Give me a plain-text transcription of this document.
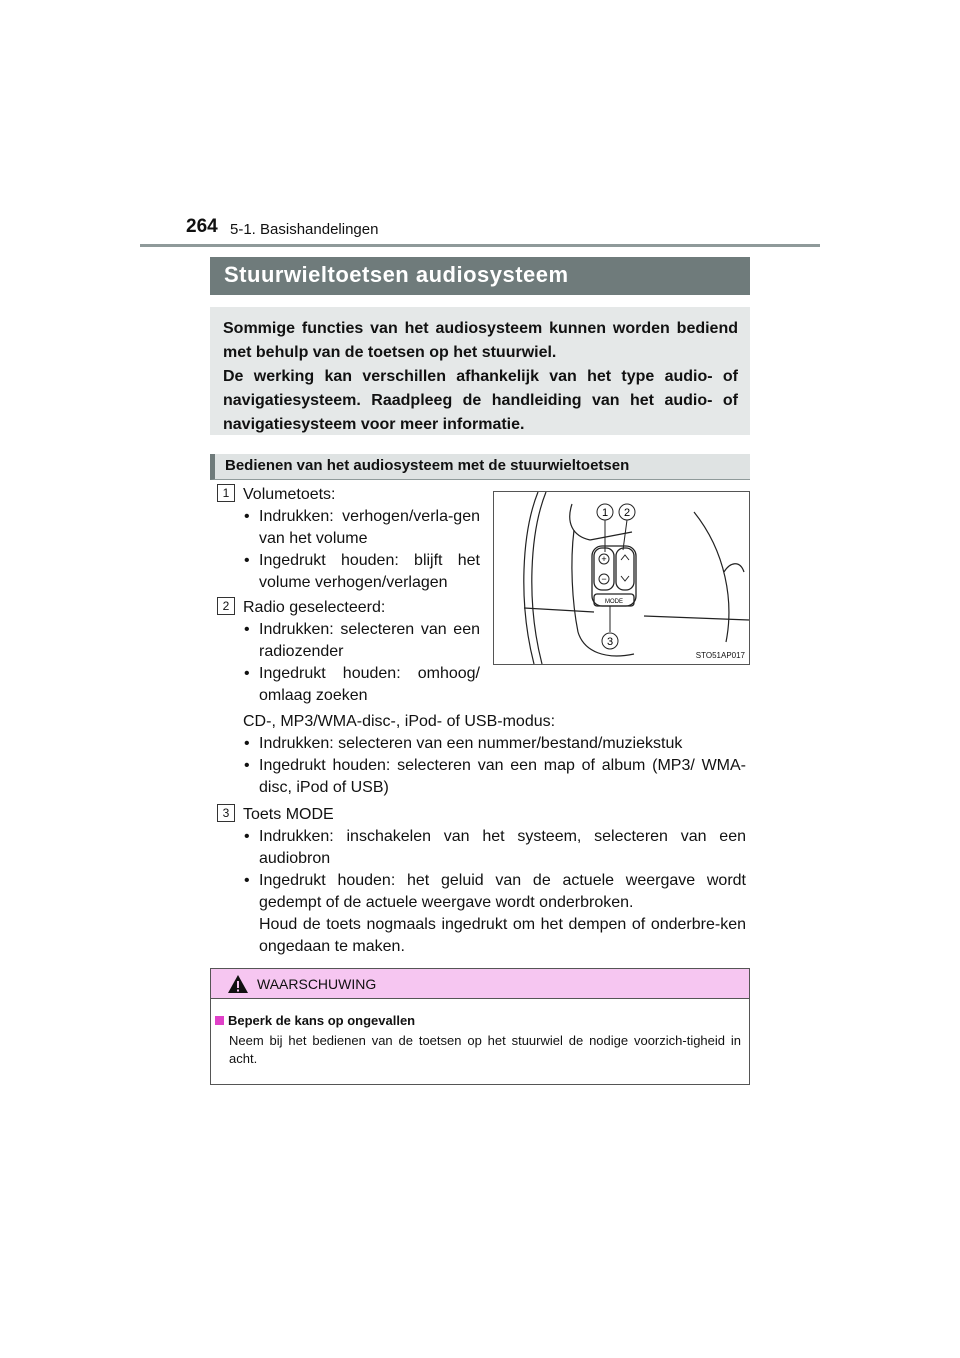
264 5-1. Basishandelingen
Stuurwieltoetsen audiosysteem

Sommige functies van het audiosysteem kunnen worden bediend met behulp van de toetsen op het stuurwiel.

De werking kan verschillen afhankelijk van het type audio- of navigatiesysteem. Raadpleeg de handleiding van het audio- of navigatiesysteem voor meer informatie.

Bedienen van het audiosysteem met de stuurwieltoetsen
1 Volumetoets:
• Indrukken: verhogen/verla-gen van het volume
• Ingedrukt houden: blijft het volume verhogen/verlagen
2 Radio geselecteerd:
• Indrukken: selecteren van een radiozender
• Ingedrukt houden: omhoog/ omlaag zoeken
CD-, MP3/WMA-disc-, iPod- of USB-modus:
• Indrukken: selecteren van een nummer/bestand/muziekstuk
• Ingedrukt houden: selecteren van een map of album (MP3/ WMA-disc, iPod of USB)
3 Toets MODE
• Indrukken: inschakelen van het systeem, selecteren van een audiobron
• Ingedrukt houden: het geluid van de actuele weergave wordt gedempt of de actuele weergave wordt onderbroken.
Houd de toets nogmaals ingedrukt om het dempen of onderbre-ken ongedaan te maken.
+
−
MODE
1 2
3
STO51AP017
WAARSCHUWING
Beperk de kans op ongevallen
Neem bij het bedienen van de toetsen op het stuurwiel de nodige voorzich-tigheid in acht.
